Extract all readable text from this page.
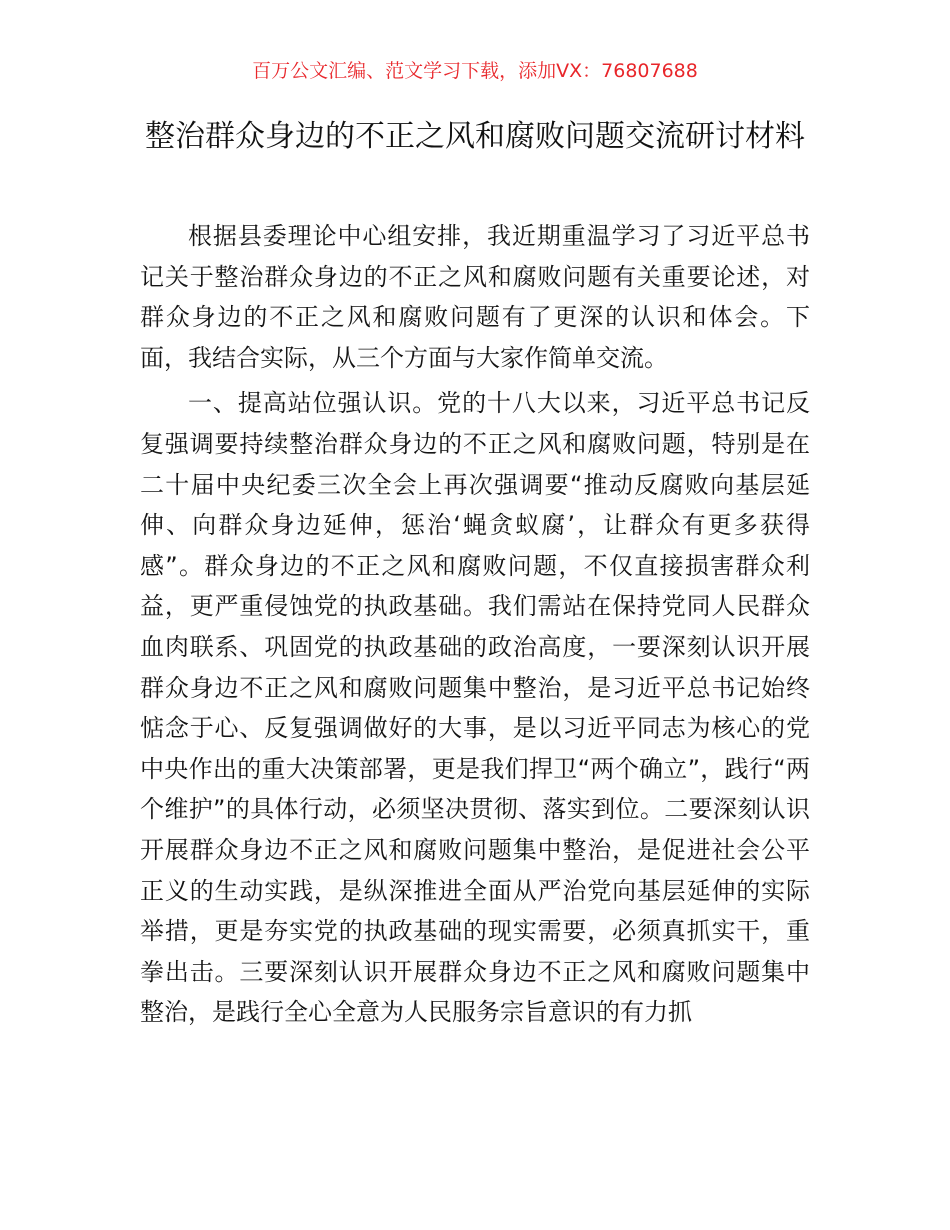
百万公文汇编、范文学习下载，添加VX：76807688
整治群众身边的不正之风和腐败问题交流研讨材料

根据县委理论中心组安排，我近期重温学习了习近平总书记关于整治群众身边的不正之风和腐败问题有关重要论述，对群众身边的不正之风和腐败问题有了更深的认识和体会。下面，我结合实际，从三个方面与大家作简单交流。

一、提高站位强认识。党的十八大以来，习近平总书记反复强调要持续整治群众身边的不正之风和腐败问题，特别是在二十届中央纪委三次全会上再次强调要“推动反腐败向基层延伸、向群众身边延伸，惩治‘蝇贪蚁腐’，让群众有更多获得感”。群众身边的不正之风和腐败问题，不仅直接损害群众利益，更严重侵蚀党的执政基础。我们需站在保持党同人民群众血肉联系、巩固党的执政基础的政治高度，一要深刻认识开展群众身边不正之风和腐败问题集中整治，是习近平总书记始终惦念于心、反复强调做好的大事，是以习近平同志为核心的党中央作出的重大决策部署，更是我们捍卫“两个确立”，践行“两个维护”的具体行动，必须坚决贯彻、落实到位。二要深刻认识开展群众身边不正之风和腐败问题集中整治，是促进社会公平正义的生动实践，是纵深推进全面从严治党向基层延伸的实际举措，更是夯实党的执政基础的现实需要，必须真抓实干，重拳出击。三要深刻认识开展群众身边不正之风和腐败问题集中整治，是践行全心全意为人民服务宗旨意识的有力抓
